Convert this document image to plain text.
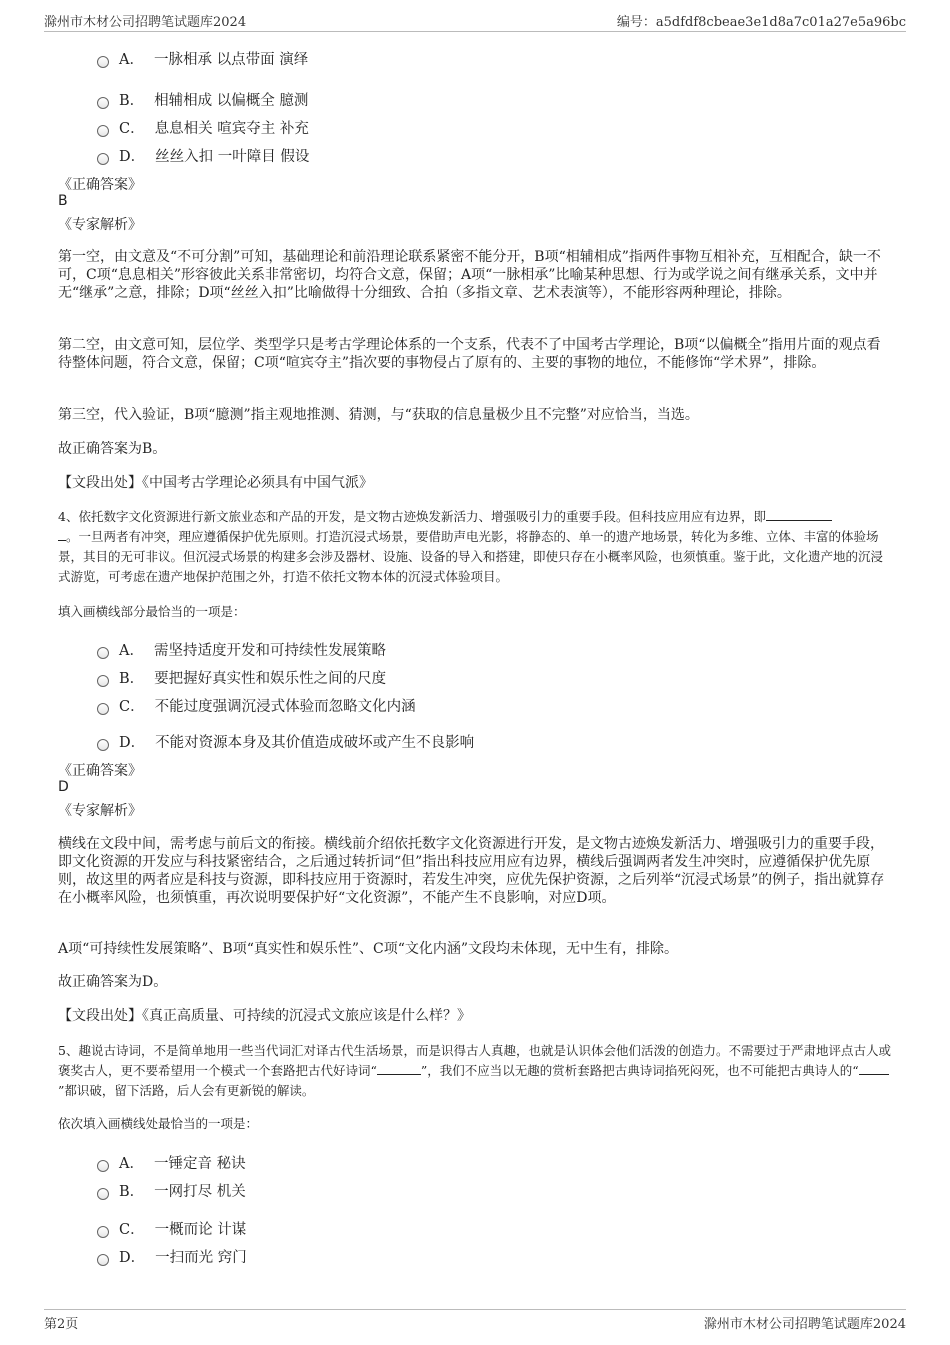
滁州市木材公司招聘笔试题库2024	编号：a5dfdf8cbeae3e1d8a7c01a27e5a96bc
A． 一脉相承 以点带面 演绎
B． 相辅相成 以偏概全 臆测
C． 息息相关 喧宾夺主 补充
D． 丝丝入扣 一叶障目 假设
《正确答案》
B
《专家解析》
第一空，由文意及“不可分割”可知，基础理论和前沿理论联系紧密不能分开，B项“相辅相成”指两件事物互相补充，互相配合，缺一不可，C项“息息相关”形容彼此关系非常密切，均符合文意，保留；A项“一脉相承”比喻某种思想、行为或学说之间有继承关系，文中并无“继承”之意，排除；D项“丝丝入扣”比喻做得十分细致、合拍（多指文章、艺术表演等），不能形容两种理论，排除。
第二空，由文意可知，层位学、类型学只是考古学理论体系的一个支系，代表不了中国考古学理论，B项“以偏概全”指用片面的观点看待整体问题，符合文意，保留；C项“喧宾夺主”指次要的事物侵占了原有的、主要的事物的地位，不能修饰“学术界”，排除。
第三空，代入验证，B项“臆测”指主观地推测、猜测，与“获取的信息量极少且不完整”对应恰当，当选。
故正确答案为B。
【文段出处】《中国考古学理论必须具有中国气派》
4、依托数字文化资源进行新文旅业态和产品的开发，是文物古迹焕发新活力、增强吸引力的重要手段。但科技应用应有边界，即
。一旦两者有冲突，理应遵循保护优先原则。打造沉浸式场景，要借助声电光影，将静态的、单一的遗产地场景，转化为多维、立体、丰富的体验场景，其目的无可非议。但沉浸式场景的构建多会涉及器材、设施、设备的导入和搭建，即使只存在小概率风险，也须慎重。鉴于此，文化遗产地的沉浸式游览，可考虑在遗产地保护范围之外，打造不依托文物本体的沉浸式体验项目。
填入画横线部分最恰当的一项是：
A． 需坚持适度开发和可持续性发展策略
B． 要把握好真实性和娱乐性之间的尺度
C． 不能过度强调沉浸式体验而忽略文化内涵
D． 不能对资源本身及其价值造成破坏或产生不良影响
《正确答案》
D
《专家解析》
横线在文段中间，需考虑与前后文的衔接。横线前介绍依托数字文化资源进行开发，是文物古迹焕发新活力、增强吸引力的重要手段，即文化资源的开发应与科技紧密结合，之后通过转折词“但”指出科技应用应有边界，横线后强调两者发生冲突时，应遵循保护优先原则，故这里的两者应是科技与资源，即科技应用于资源时，若发生冲突，应优先保护资源，之后列举“沉浸式场景”的例子，指出就算存在小概率风险，也须慎重，再次说明要保护好“文化资源”，不能产生不良影响，对应D项。
A项“可持续性发展策略”、B项“真实性和娱乐性”、C项“文化内涵”文段均未体现，无中生有，排除。
故正确答案为D。
【文段出处】《真正高质量、可持续的沉浸式文旅应该是什么样？》
5、趣说古诗词，不是简单地用一些当代词汇对译古代生活场景，而是识得古人真趣，也就是认识体会他们活泼的创造力。不需要过于严肃地评点古人或褒奖古人，更不要希望用一个模式一个套路把古代好诗词“	”，我们不应当以无趣的赏析套路把古典诗词掐死闷死，也不可能把古典诗人的“”都识破，留下活路，后人会有更新锐的解读。
依次填入画横线处最恰当的一项是：
A． 一锤定音 秘诀
B． 一网打尽 机关
C． 一概而论 计谋
D． 一扫而光 窍门
第2页	滁州市木材公司招聘笔试题库2024
